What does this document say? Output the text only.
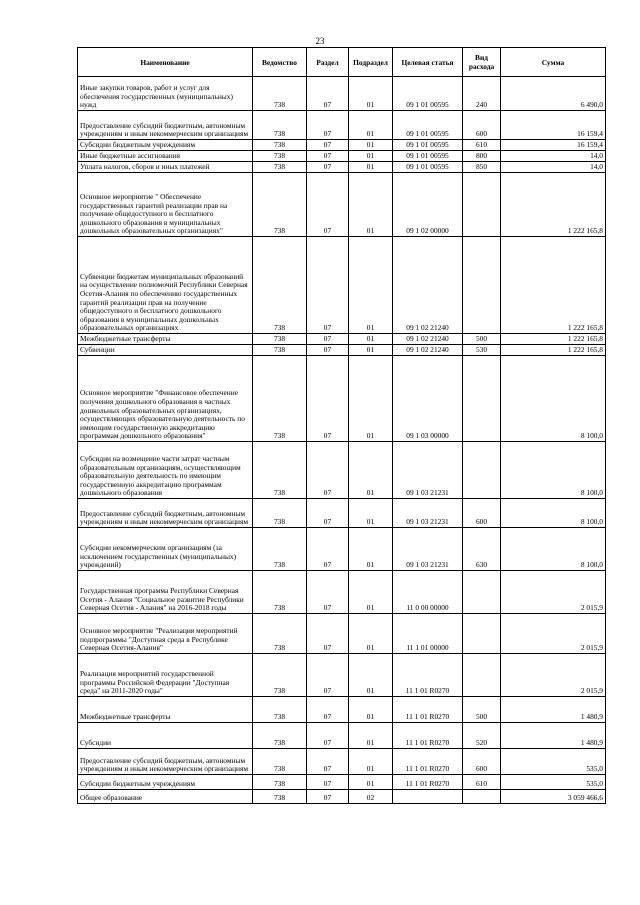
23
Наименование	Ведомство	Раздел	Подраздел	Целевая статья	Вид расхода	Сумма
Иные закупки товаров, работ и услуг для обеспечения государственных (муниципальных) нужд	738	07	01	09 1 01 00595	240	6 490,0
Предоставление субсидий бюджетным, автономным учреждениям и иным некоммерческим организациям	738	07	01	09 1 01 00595	600	16 159,4
Субсидии бюджетным учреждениям	738	07	01	09 1 01 00595	610	16 159,4
Иные бюджетные ассигнования	738	07	01	09 1 01 00595	800	14,0
Уплата налогов, сборов и иных платежей	738	07	01	09 1 01 00595	850	14,0
Основное мероприятие " Обеспечение государственных гарантий реализации прав на получение общедоступного и бесплатного дошкольного образования в муниципальных дошкольных образовательных организациях"	738	07	01	09 1 02 00000		1 222 165,8
Субвенции бюджетам муниципальных образований на осуществление полномочий Республики Северная Осетия-Алания по обеспечению государственных гарантий реализации прав на получение общедоступного и бесплатного дошкольного образования в муниципальных дошкольных образовательных организациях	738	07	01	09 1 02 21240		1 222 165,8
Межбюджетные трансферты	738	07	01	09 1 02 21240	500	1 222 165,8
Субвенции	738	07	01	09 1 02 21240	530	1 222 165,8
Основное мероприятие "Финансовое обеспечение получения дошкольного образования в частных дошкольных образовательных организациях, осуществляющих образовательную деятельность по имеющим государственную аккредитацию программам дошкольного образования"	738	07	01	09 1 03 00000		8 100,0
Субсидии на возмещение части затрат частным образовательным организациям, осуществляющим образовательную деятельность по имеющим государственную аккредитацию программам дошкольного образования	738	07	01	09 1 03 21231		8 100,0
Предоставление субсидий бюджетным, автономным учреждениям и иным некоммерческим организациям	738	07	01	09 1 03 21231	600	8 100,0
Субсидии некоммерческим организациям (за исключением государственных (муниципальных) учреждений)	738	07	01	09 1 03 21231	630	8 100,0
Государственная программа Республики Северная Осетия - Алания "Социальное развитие Республики Северная Осетия - Алания" на 2016-2018 годы	738	07	01	11 0 00 00000		2 015,9
Основное мероприятие "Реализация мероприятий подпрограммы "Доступная среда в Республике Северная Осетия-Алания"	738	07	01	11 1 01 00000		2 015,9
Реализация мероприятий государственной программы Российской Федерации "Доступная среда" на 2011-2020 годы"	738	07	01	11 1 01 R0270		2 015,9
Межбюджетные трансферты	738	07	01	11 1 01 R0270	500	1 480,9
Субсидии	738	07	01	11 1 01 R0270	520	1 480,9
Предоставление субсидий бюджетным, автономным учреждениям и иным некоммерческим организациям	738	07	01	11 1 01 R0270	600	535,0
Субсидии бюджетным учреждениям	738	07	01	11 1 01 R0270	610	535,0
Общее образование	738	07	02			3 059 466,6
